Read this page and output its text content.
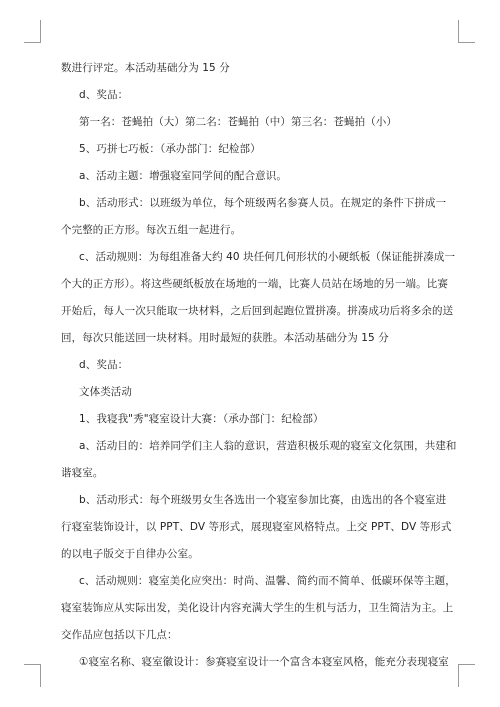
数进行评定。本活动基础分为 15 分
d、奖品：
第一名：苍蝇拍（大）第二名：苍蝇拍（中）第三名：苍蝇拍（小）
5、巧拼七巧板：（承办部门：纪检部）
a、活动主题：增强寝室同学间的配合意识。
b、活动形式：以班级为单位，每个班级两名参赛人员。在规定的条件下拼成一
个完整的正方形。每次五组一起进行。
c、活动规则：为每组准备大约 40 块任何几何形状的小硬纸板（保证能拼凑成一
个大的正方形）。将这些硬纸板放在场地的一端，比赛人员站在场地的另一端。比赛
开始后，每人一次只能取一块材料，之后回到起跑位置拼凑。拼凑成功后将多余的送
回，每次只能送回一块材料。用时最短的获胜。本活动基础分为 15 分
d、奖品：
文体类活动
1、我寝我"秀"寝室设计大赛：（承办部门：纪检部）
a、活动目的：培养同学们主人翁的意识，营造积极乐观的寝室文化氛围，共建和
谐寝室。
b、活动形式：每个班级男女生各选出一个寝室参加比赛，由选出的各个寝室进
行寝室装饰设计，以 PPT、DV 等形式，展现寝室风格特点。上交 PPT、DV 等形式
的以电子版交于自律办公室。
c、活动规则：寝室美化应突出：时尚、温馨、简约而不简单、低碳环保等主题，
寝室装饰应从实际出发，美化设计内容充满大学生的生机与活力，卫生简洁为主。上
交作品应包括以下几点：
①寝室名称、寝室徽设计：参赛寝室设计一个富含本寝室风格，能充分表现寝室
